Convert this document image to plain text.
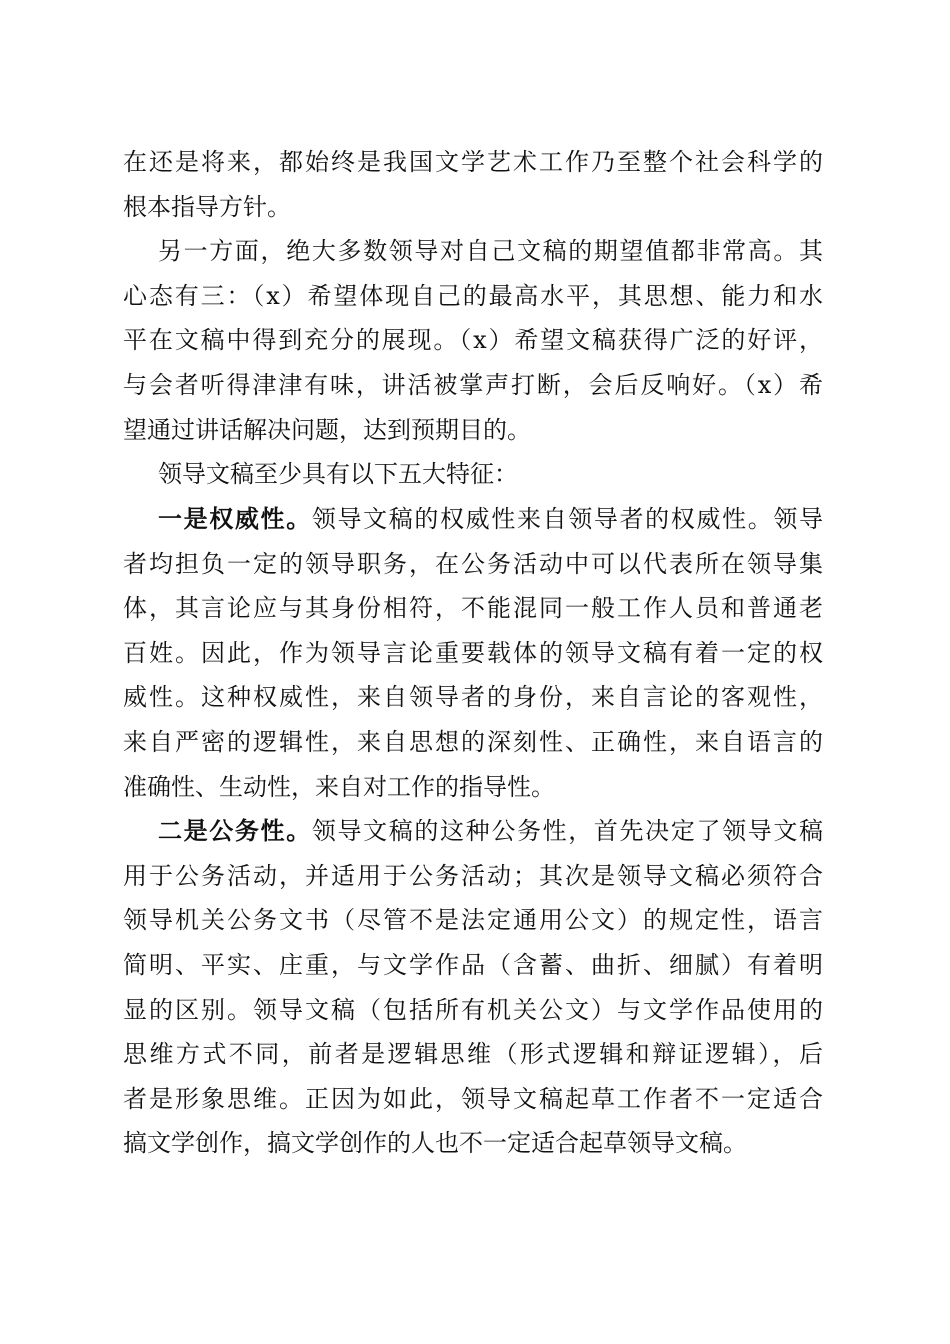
在还是将来，都始终是我国文学艺术工作乃至整个社会科学的
根本指导方针。
另一方面，绝大多数领导对自己文稿的期望值都非常高。其
心态有三：（x）希望体现自己的最高水平，其思想、能力和水
平在文稿中得到充分的展现。（x）希望文稿获得广泛的好评，
与会者听得津津有味，讲活被掌声打断，会后反响好。（x）希
望通过讲话解决问题，达到预期目的。
领导文稿至少具有以下五大特征：
一是权威性。领导文稿的权威性来自领导者的权威性。领导
者均担负一定的领导职务，在公务活动中可以代表所在领导集
体，其言论应与其身份相符，不能混同一般工作人员和普通老
百姓。因此，作为领导言论重要载体的领导文稿有着一定的权
威性。这种权威性，来自领导者的身份，来自言论的客观性，
来自严密的逻辑性，来自思想的深刻性、正确性，来自语言的
准确性、生动性，来自对工作的指导性。
二是公务性。领导文稿的这种公务性，首先决定了领导文稿
用于公务活动，并适用于公务活动；其次是领导文稿必须符合
领导机关公务文书（尽管不是法定通用公文）的规定性，语言
简明、平实、庄重，与文学作品（含蓄、曲折、细腻）有着明
显的区别。领导文稿（包括所有机关公文）与文学作品使用的
思维方式不同，前者是逻辑思维（形式逻辑和辩证逻辑），后
者是形象思维。正因为如此，领导文稿起草工作者不一定适合
搞文学创作，搞文学创作的人也不一定适合起草领导文稿。
